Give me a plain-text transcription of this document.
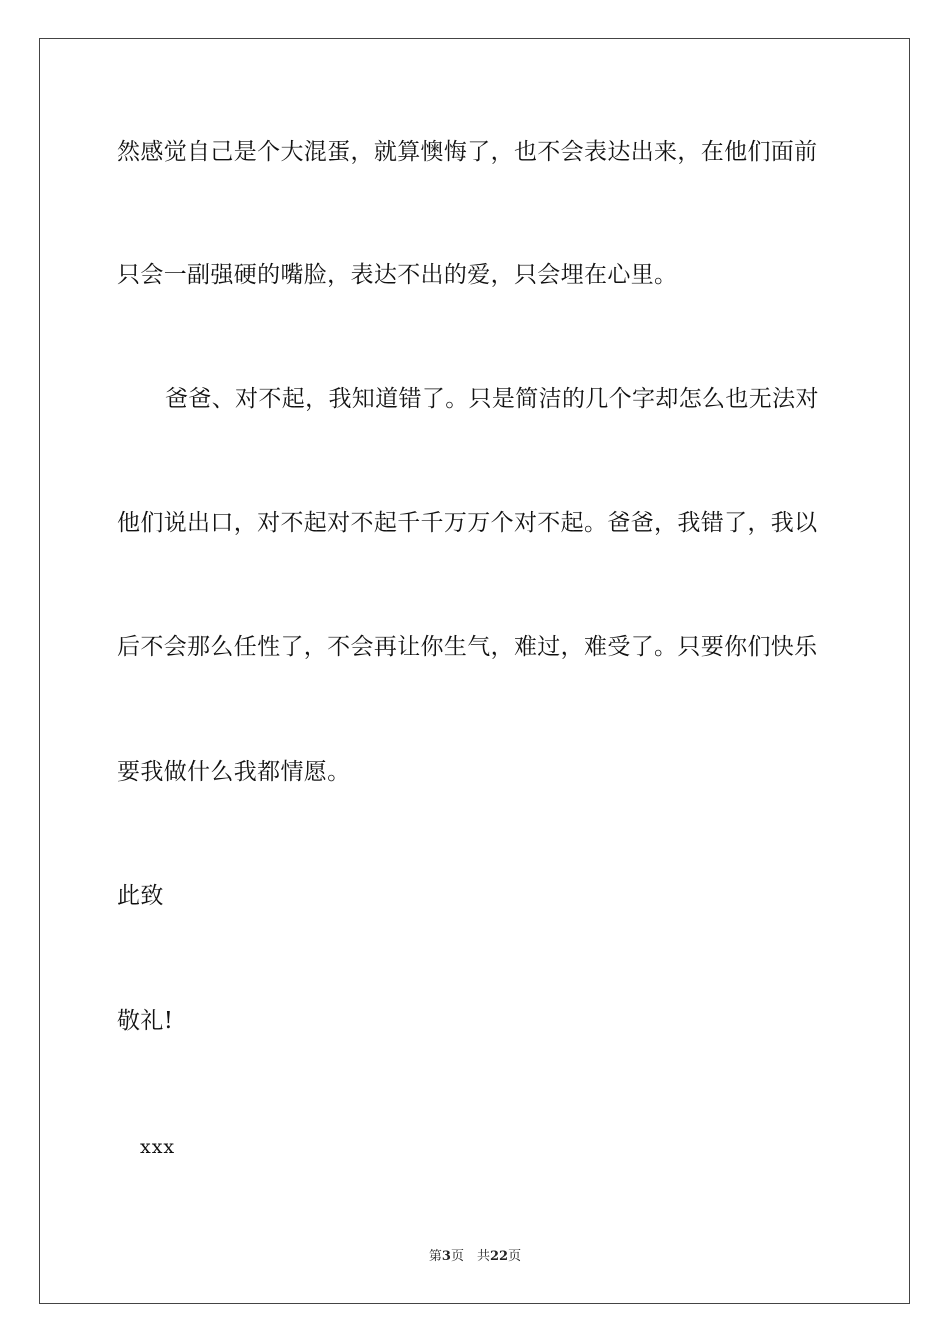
然感觉自己是个大混蛋，就算懊悔了，也不会表达出来，在他们面前
只会一副强硬的嘴脸，表达不出的爱，只会埋在心里。
爸爸、对不起，我知道错了。只是简洁的几个字却怎么也无法对
他们说出口，对不起对不起千千万万个对不起。爸爸，我错了，我以
后不会那么任性了，不会再让你生气，难过，难受了。只要你们快乐
要我做什么我都情愿。
此致
敬礼!
xxx
第3页　共22页
